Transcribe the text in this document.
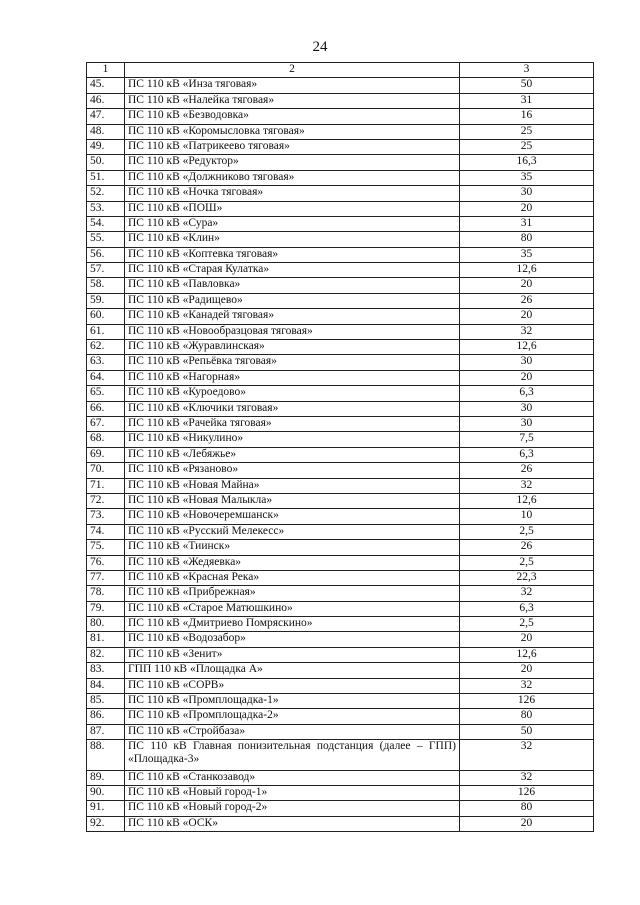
24
1	2	3
45.	ПС 110 кВ «Инза тяговая»	50
46.	ПС 110 кВ «Налейка тяговая»	31
47.	ПС 110 кВ «Безводовка»	16
48.	ПС 110 кВ «Коромысловка тяговая»	25
49.	ПС 110 кВ «Патрикеево тяговая»	25
50.	ПС 110 кВ «Редуктор»	16,3
51.	ПС 110 кВ «Должниково тяговая»	35
52.	ПС 110 кВ «Ночка тяговая»	30
53.	ПС 110 кВ «ПОШ»	20
54.	ПС 110 кВ «Сура»	31
55.	ПС 110 кВ «Клин»	80
56.	ПС 110 кВ «Коптевка тяговая»	35
57.	ПС 110 кВ «Старая Кулатка»	12,6
58.	ПС 110 кВ «Павловка»	20
59.	ПС 110 кВ «Радищево»	26
60.	ПС 110 кВ «Канадей тяговая»	20
61.	ПС 110 кВ «Новообразцовая тяговая»	32
62.	ПС 110 кВ «Журавлинская»	12,6
63.	ПС 110 кВ «Репьёвка тяговая»	30
64.	ПС 110 кВ «Нагорная»	20
65.	ПС 110 кВ «Куроедово»	6,3
66.	ПС 110 кВ «Ключики тяговая»	30
67.	ПС 110 кВ «Рачейка тяговая»	30
68.	ПС 110 кВ «Никулино»	7,5
69.	ПС 110 кВ «Лебяжье»	6,3
70.	ПС 110 кВ «Рязаново»	26
71.	ПС 110 кВ «Новая Майна»	32
72.	ПС 110 кВ «Новая Малыкла»	12,6
73.	ПС 110 кВ «Новочеремшанск»	10
74.	ПС 110 кВ «Русский Мелекесс»	2,5
75.	ПС 110 кВ «Тиинск»	26
76.	ПС 110 кВ «Жедяевка»	2,5
77.	ПС 110 кВ «Красная Река»	22,3
78.	ПС 110 кВ «Прибрежная»	32
79.	ПС 110 кВ «Старое Матюшкино»	6,3
80.	ПС 110 кВ «Дмитриево Помряскино»	2,5
81.	ПС 110 кВ «Водозабор»	20
82.	ПС 110 кВ «Зенит»	12,6
83.	ГПП 110 кВ «Площадка А»	20
84.	ПС 110 кВ «СОРВ»	32
85.	ПС 110 кВ «Промплощадка-1»	126
86.	ПС 110 кВ «Промплощадка-2»	80
87.	ПС 110 кВ «Стройбаза»	50
88.	ПС 110 кВ Главная понизительная подстанция (далее – ГПП) «Площадка-3»	32
89.	ПС 110 кВ «Станкозавод»	32
90.	ПС 110 кВ «Новый город-1»	126
91.	ПС 110 кВ «Новый город-2»	80
92.	ПС 110 кВ «ОСК»	20
